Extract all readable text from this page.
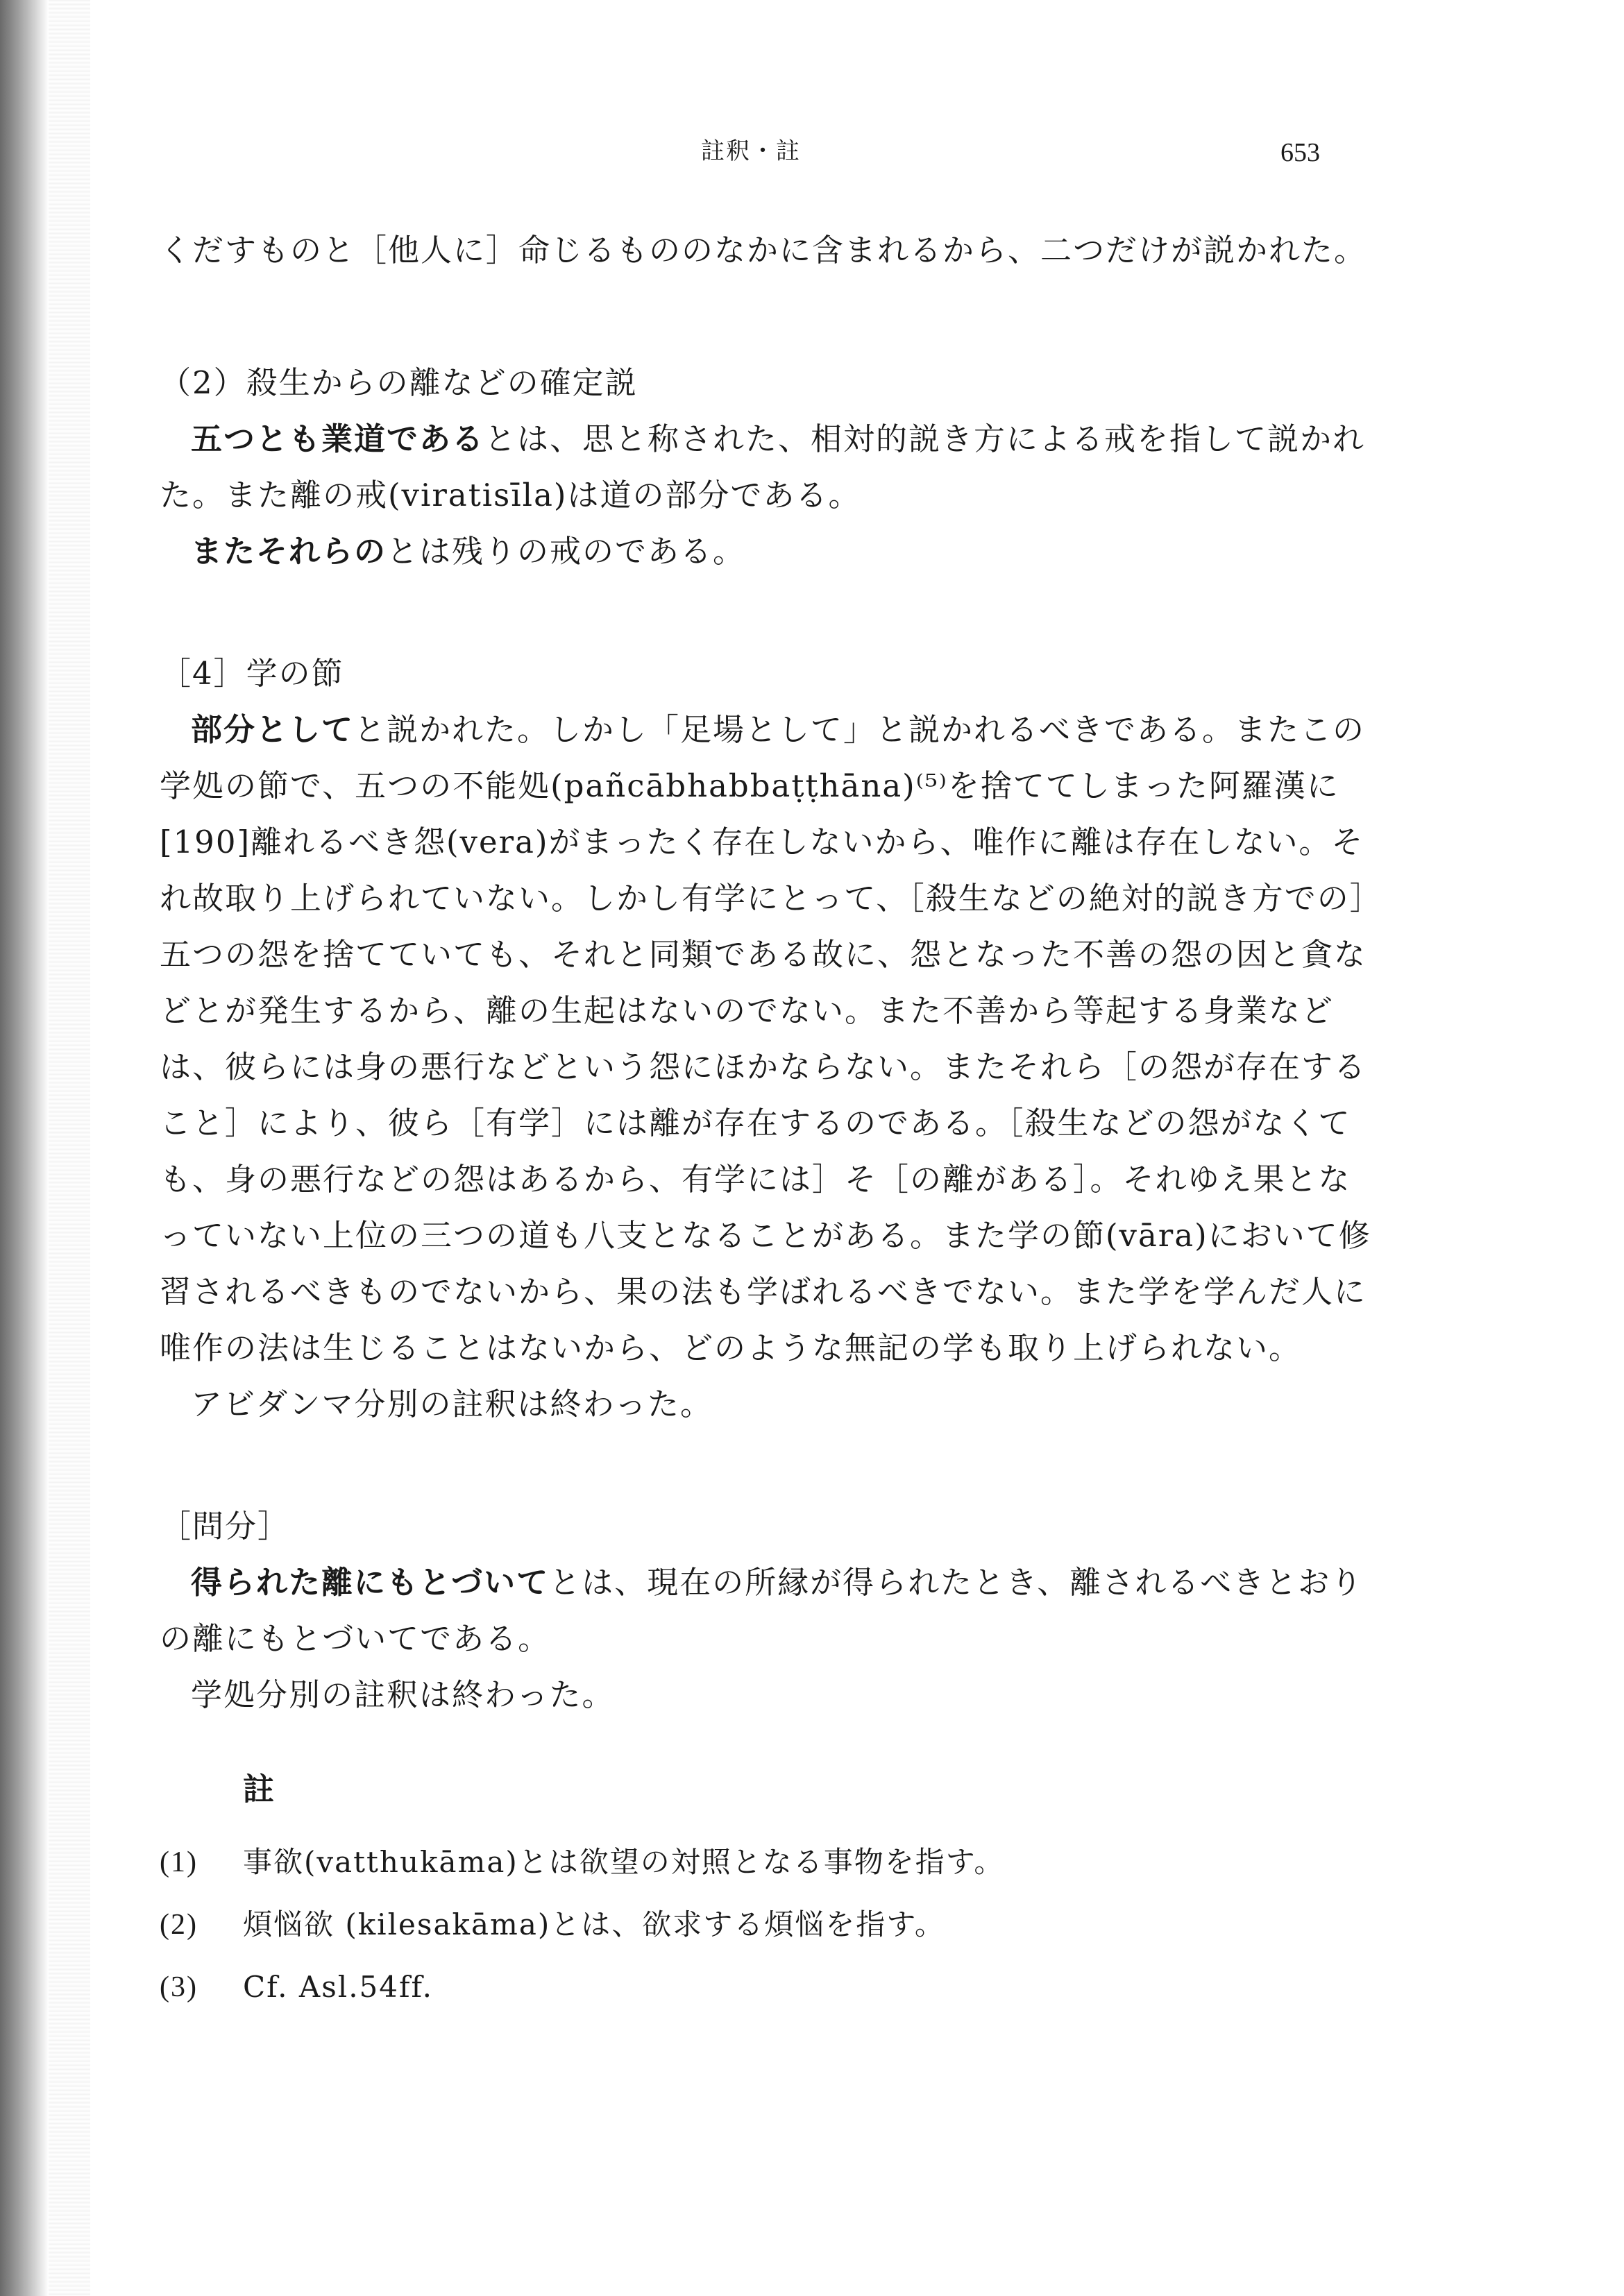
註釈・註	653

くだすものと［他人に］命じるもののなかに含まれるから、二つだけが説かれた。

（2）殺生からの離などの確定説

五つとも業道であるとは、思と称された、相対的説き方による戒を指して説かれた。また離の戒(viratisīla)は道の部分である。

またそれらのとは残りの戒のである。

［4］学の節

部分としてと説かれた。しかし「足場として」と説かれるべきである。またこの学処の節で、五つの不能処(pañcābhabbaṭṭhāna)⁽⁵⁾を捨ててしまった阿羅漢に[190]離れるべき怨(vera)がまったく存在しないから、唯作に離は存在しない。それ故取り上げられていない。しかし有学にとって、［殺生などの絶対的説き方での］五つの怨を捨てていても、それと同類である故に、怨となった不善の怨の因と貪などとが発生するから、離の生起はないのでない。また不善から等起する身業などは、彼らには身の悪行などという怨にほかならない。またそれら［の怨が存在すること］により、彼ら［有学］には離が存在するのである。［殺生などの怨がなくても、身の悪行などの怨はあるから、有学には］そ［の離がある］。それゆえ果となっていない上位の三つの道も八支となることがある。また学の節(vāra)において修習されるべきものでないから、果の法も学ばれるべきでない。また学を学んだ人に唯作の法は生じることはないから、どのような無記の学も取り上げられない。

アビダンマ分別の註釈は終わった。

［問分］

得られた離にもとづいてとは、現在の所縁が得られたとき、離されるべきとおりの離にもとづいてである。

学処分別の註釈は終わった。

註

(1)	事欲(vatthukāma)とは欲望の対照となる事物を指す。
(2)	煩悩欲 (kilesakāma)とは、欲求する煩悩を指す。
(3)	Cf. Asl.54ff.
